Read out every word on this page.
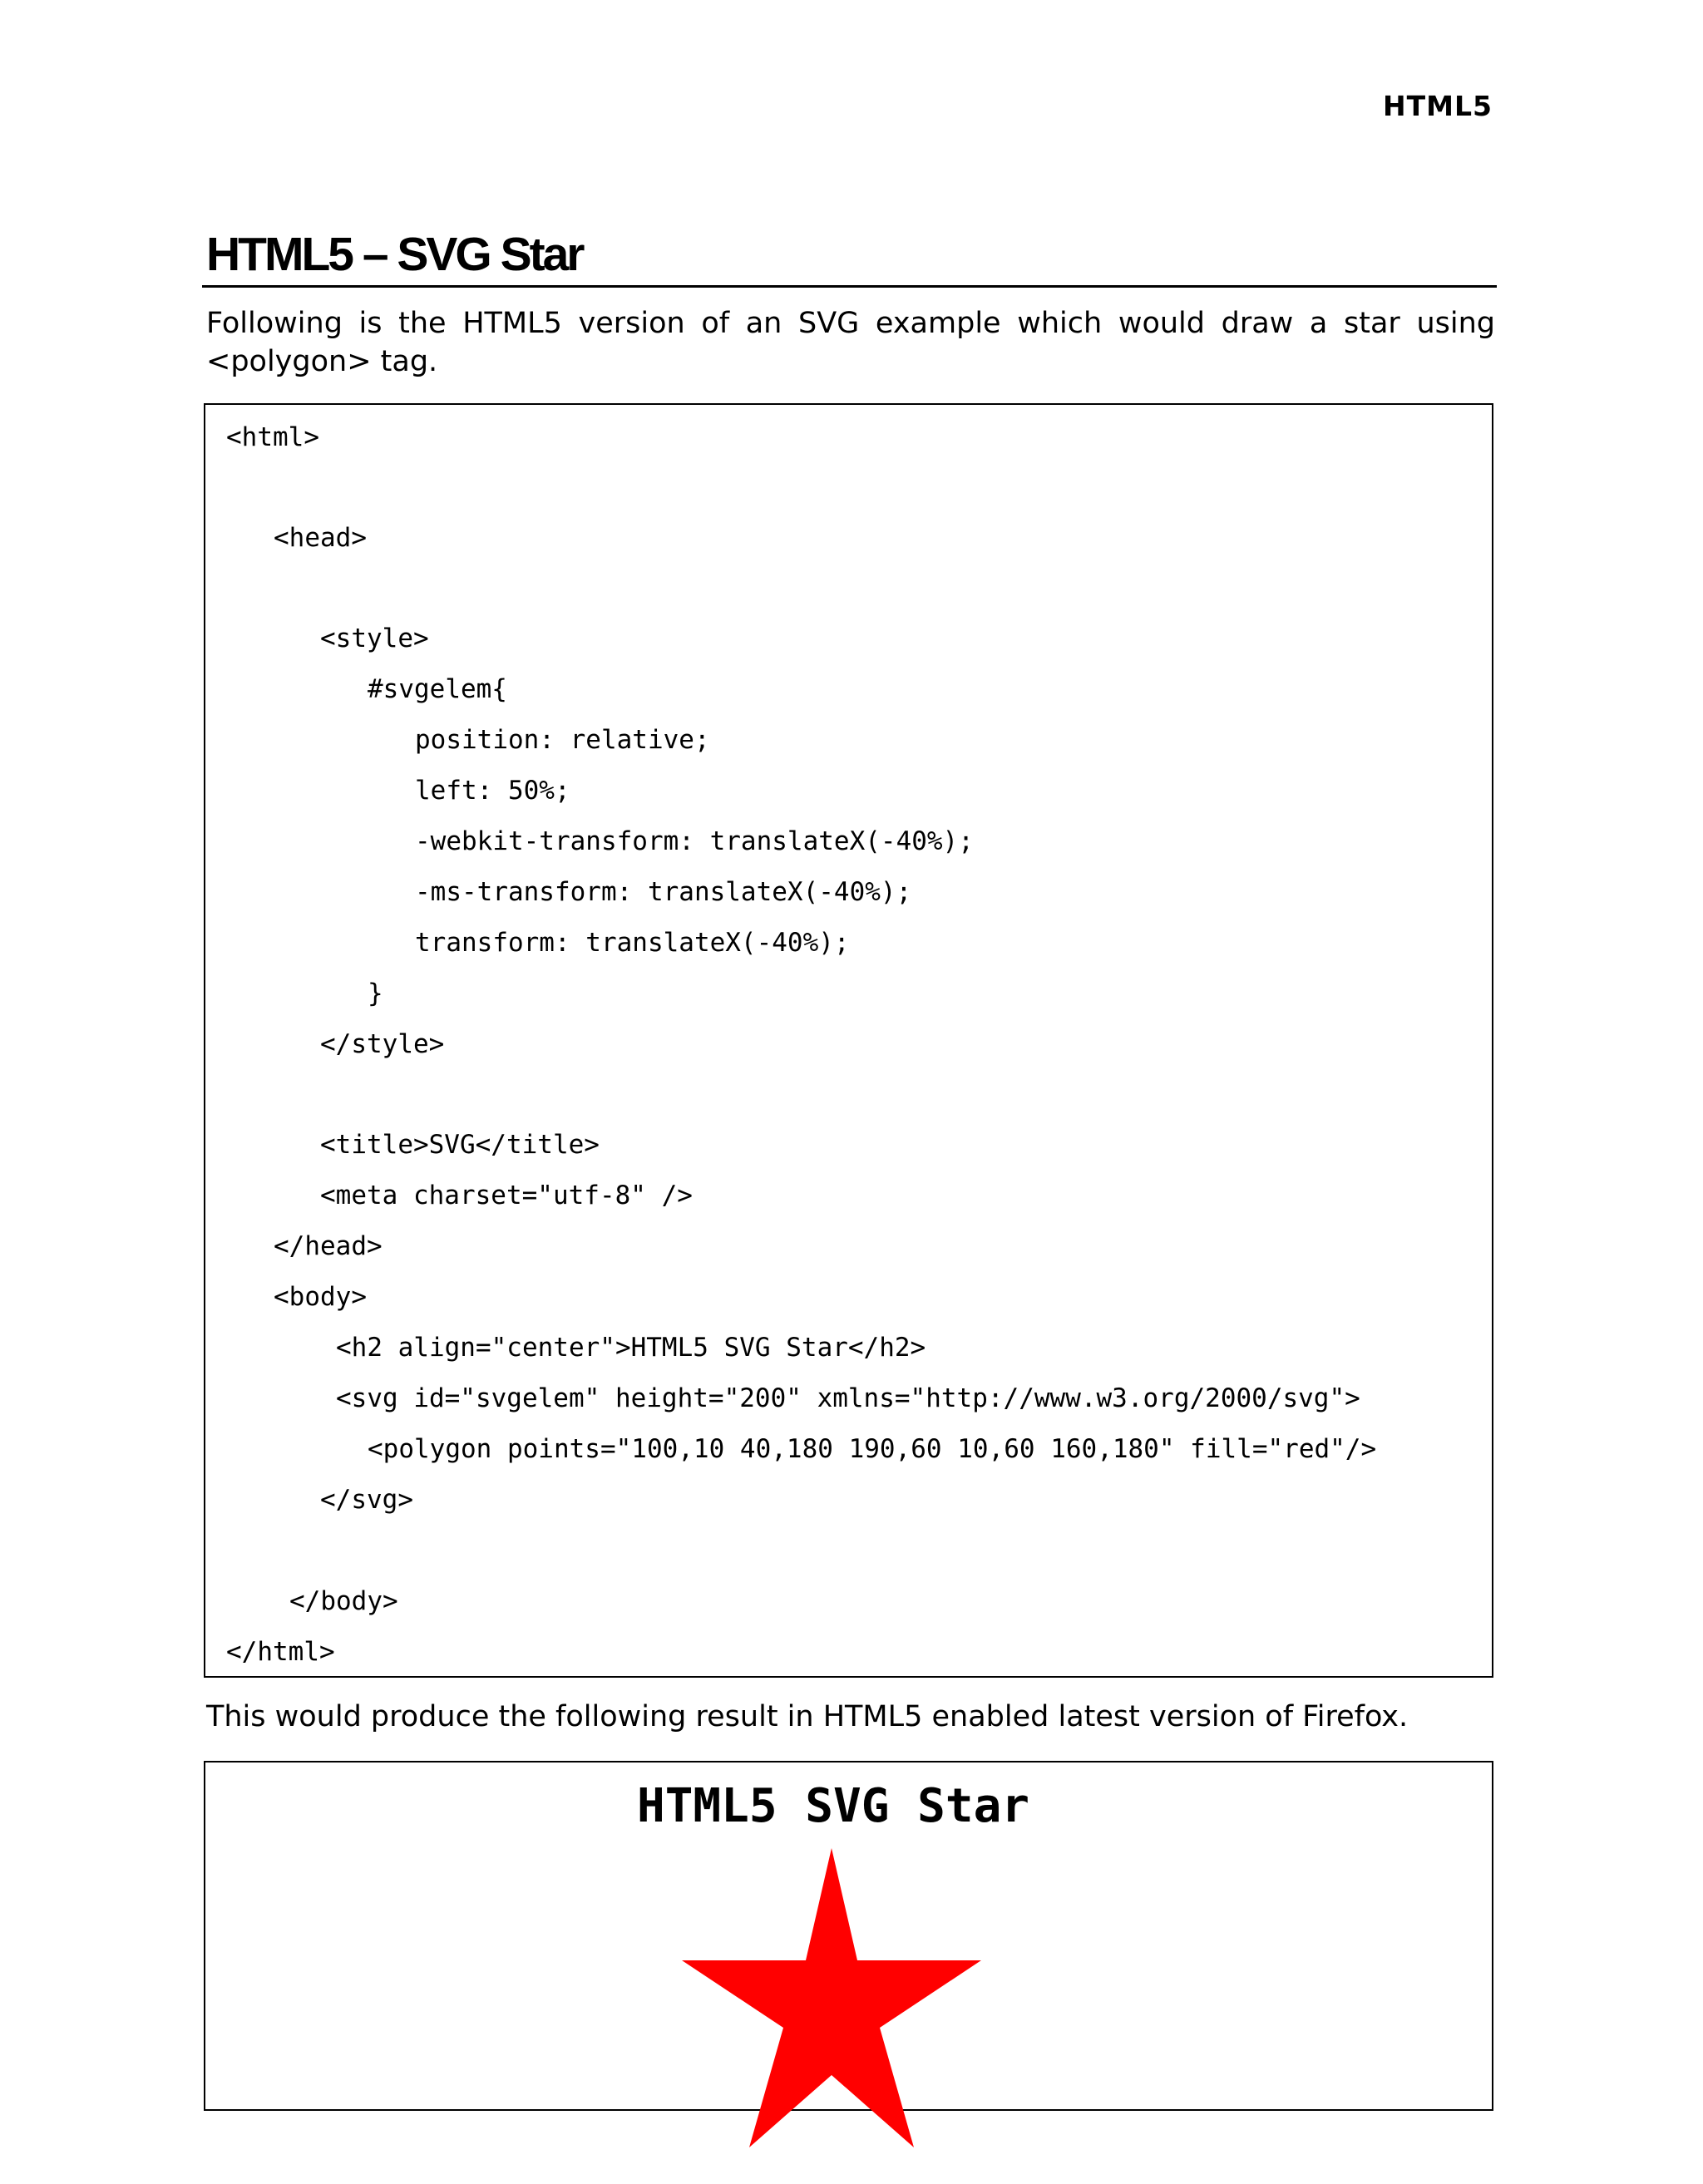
HTML5
HTML5 – SVG Star

Following is the HTML5 version of an SVG example which would draw a star using <polygon> tag.

<html>
<head>
<style>
#svgelem{
position: relative;
left: 50%;
-webkit-transform: translateX(-40%);
-ms-transform: translateX(-40%);
transform: translateX(-40%);
}
</style>
<title>SVG</title>
<meta charset="utf-8" />
</head>
<body>
<h2 align="center">HTML5 SVG Star</h2>
<svg id="svgelem" height="200" xmlns="http://www.w3.org/2000/svg">
<polygon points="100,10 40,180 190,60 10,60 160,180" fill="red"/>
</svg>
</body>
</html>

This would produce the following result in HTML5 enabled latest version of Firefox.

HTML5 SVG Star
